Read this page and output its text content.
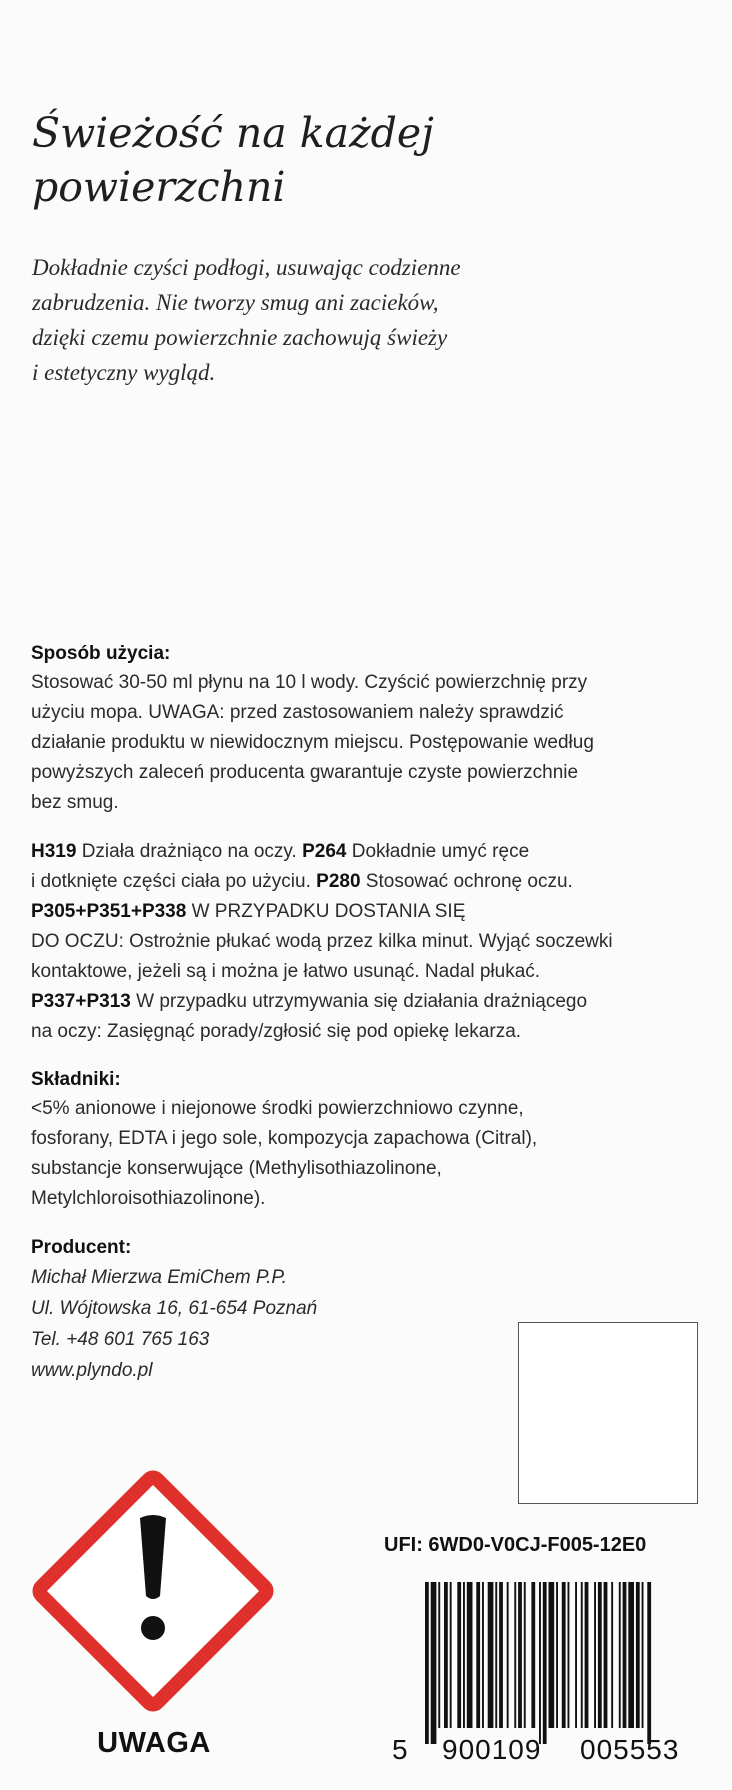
Świeżość na każdej
powierzchni
Dokładnie czyści podłogi, usuwając codzienne
zabrudzenia. Nie tworzy smug ani zacieków,
dzięki czemu powierzchnie zachowują świeży
i estetyczny wygląd.
Sposób użycia:
Stosować 30-50 ml płynu na 10 l wody. Czyścić powierzchnię przy
użyciu mopa. UWAGA: przed zastosowaniem należy sprawdzić
działanie produktu w niewidocznym miejscu. Postępowanie według
powyższych zaleceń producenta gwarantuje czyste powierzchnie
bez smug.
H319 Działa drażniąco na oczy. P264 Dokładnie umyć ręce
i dotknięte części ciała po użyciu. P280 Stosować ochronę oczu.
P305+P351+P338 W PRZYPADKU DOSTANIA SIĘ
DO OCZU: Ostrożnie płukać wodą przez kilka minut. Wyjąć soczewki
kontaktowe, jeżeli są i można je łatwo usunąć. Nadal płukać.
P337+P313 W przypadku utrzymywania się działania drażniącego
na oczy: Zasięgnąć porady/zgłosić się pod opiekę lekarza.
Składniki:
<5% anionowe i niejonowe środki powierzchniowo czynne,
fosforany, EDTA i jego sole, kompozycja zapachowa (Citral),
substancje konserwujące (Methylisothiazolinone,
Metylchloroisothiazolinone).
Producent:
Michał Mierzwa EmiChem P.P.
Ul. Wójtowska 16, 61-654 Poznań
Tel. +48 601 765 163
www.plyndo.pl
UFI: 6WD0-V0CJ-F005-12E0
5 900109 005553
UWAGA
